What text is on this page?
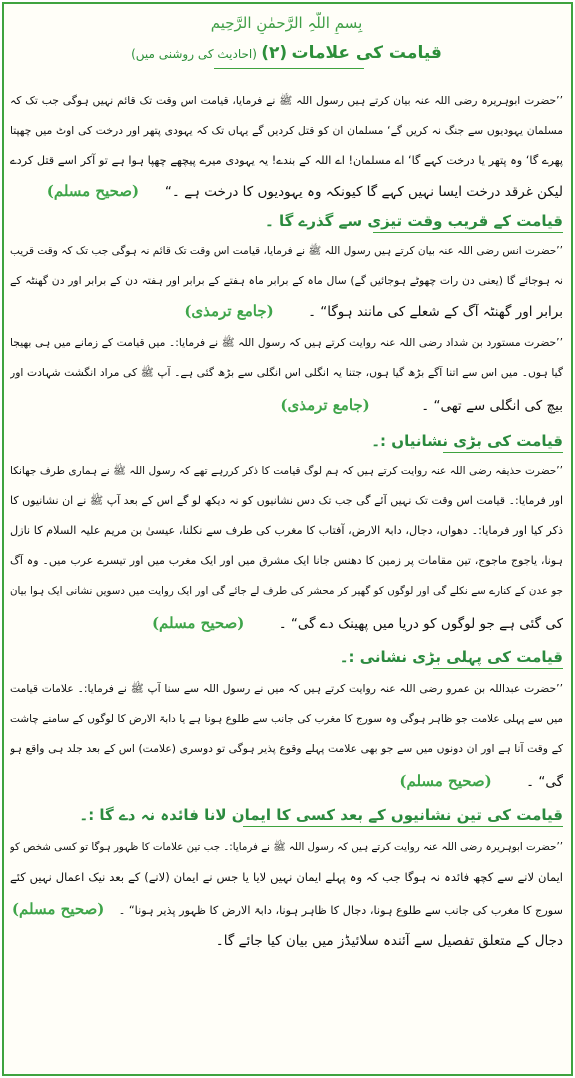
بِسمِ اللّہِ الرَّحمٰنِ الرَّحِیم
قیامت کی علامات (۲) (احادیث کی روشنی میں)
’’حضرت ابوہریرہ رضی اللہ عنہ بیان کرتے ہیں رسول اللہ ﷺ نے فرمایا، قیامت اس وقت تک قائم نہیں ہوگی جب تک کہ
مسلمان یہودیوں سے جنگ نہ کریں گے‘ مسلمان ان کو قتل کردیں گے یہاں تک کہ یہودی پتھر اور درخت کی اوٹ میں چھپتا
پھرے گا‘ وہ پتھر یا درخت کہے گا‘ اے مسلمان! اے اللہ کے بندے! یہ یہودی میرے پیچھے چھپا ہوا ہے تو آکر اسے قتل کردے
لیکن غرقد درخت ایسا نہیں کہے گا کیونکہ وہ یہودیوں کا درخت ہے ۔“      (صحیح مسلم)
قیامت کے قریب وقت تیزی سے گذرے گا ۔
’’حضرت انس رضی اللہ عنہ بیان کرتے ہیں رسول اللہ ﷺ نے فرمایا، قیامت اس وقت تک قائم نہ ہوگی جب تک کہ وقت قریب
نہ ہوجائے گا (یعنی دن رات چھوٹے ہوجائیں گے) سال ماہ کے برابر ماہ ہفتے کے برابر اور ہفتہ دن کے برابر اور دن گھنٹہ کے
برابر اور گھنٹہ آگ کے شعلے کی مانند ہوگا“ ۔        (جامع ترمذی)
’’حضرت مستورد بن شداد رضی اللہ عنہ روایت کرتے ہیں کہ رسول اللہ ﷺ نے فرمایا:۔ میں قیامت کے زمانے میں ہی بھیجا
گیا ہوں۔ میں اس سے اتنا آگے بڑھ گیا ہوں، جتنا یہ انگلی اس انگلی سے بڑھ گئی ہے۔ آپ ﷺ کی مراد انگشت شہادت اور
بیچ کی انگلی سے تھی“ ۔            (جامع ترمذی)
قیامت کی بڑی نشانیاں :۔
’’حضرت حذیفہ رضی اللہ عنہ روایت کرتے ہیں کہ ہم لوگ قیامت کا ذکر کررہے تھے کہ رسول اللہ ﷺ نے ہماری طرف جھانکا
اور فرمایا:۔ قیامت اس وقت تک نہیں آئے گی جب تک دس نشانیوں کو نہ دیکھ لو گے اس کے بعد آپ ﷺ نے ان نشانیوں کا
ذکر کیا اور فرمایا:۔ دھواں، دجال، دابۃ الارض، آفتاب کا مغرب کی طرف سے نکلنا، عیسیٰ بن مریم علیہ السلام کا نازل
ہونا، یاجوج ماجوج، تین مقامات پر زمین کا دھنس جانا ایک مشرق میں اور ایک مغرب میں اور تیسرے عرب میں۔ وہ آگ
جو عدن کے کنارے سے نکلے گی اور لوگوں کو گھیر کر محشر کی طرف لے جائے گی اور ایک روایت میں دسویں نشانی ایک ہوا بیان
کی گئی ہے جو لوگوں کو دریا میں پھینک دے گی“ ۔        (صحیح مسلم)
قیامت کی پہلی بڑی نشانی :۔
’’حضرت عبداللہ بن عمرو رضی اللہ عنہ روایت کرتے ہیں کہ میں نے رسول اللہ سے سنا آپ ﷺ نے فرمایا:۔ علامات قیامت
میں سے پہلی علامت جو ظاہر ہوگی وہ سورج کا مغرب کی جانب سے طلوع ہونا ہے یا دابۃ الارض کا لوگوں کے سامنے چاشت
کے وقت آنا ہے اور ان دونوں میں سے جو بھی علامت پہلے وقوع پذیر ہوگی تو دوسری (علامت) اس کے بعد جلد ہی واقع ہو
گی“ ۔        (صحیح مسلم)
قیامت کی تین نشانیوں کے بعد کسی کا ایمان لانا فائدہ نہ دے گا :۔
’’حضرت ابوہریرہ رضی اللہ عنہ روایت کرتے ہیں کہ رسول اللہ ﷺ نے فرمایا:۔ جب تین علامات کا ظہور ہوگا تو کسی شخص کو
ایمان لانے سے کچھ فائدہ نہ ہوگا جب کہ وہ پہلے ایمان نہیں لایا یا جس نے ایمان (لانے) کے بعد نیک اعمال نہیں کئے
سورج کا مغرب کی جانب سے طلوع ہونا، دجال کا ظاہر ہونا، دابۃ الارض کا ظہور پذیر ہونا“ ۔    (صحیح مسلم)
دجال کے متعلق تفصیل سے آئندہ سلائیڈز میں بیان کیا جائے گا۔
